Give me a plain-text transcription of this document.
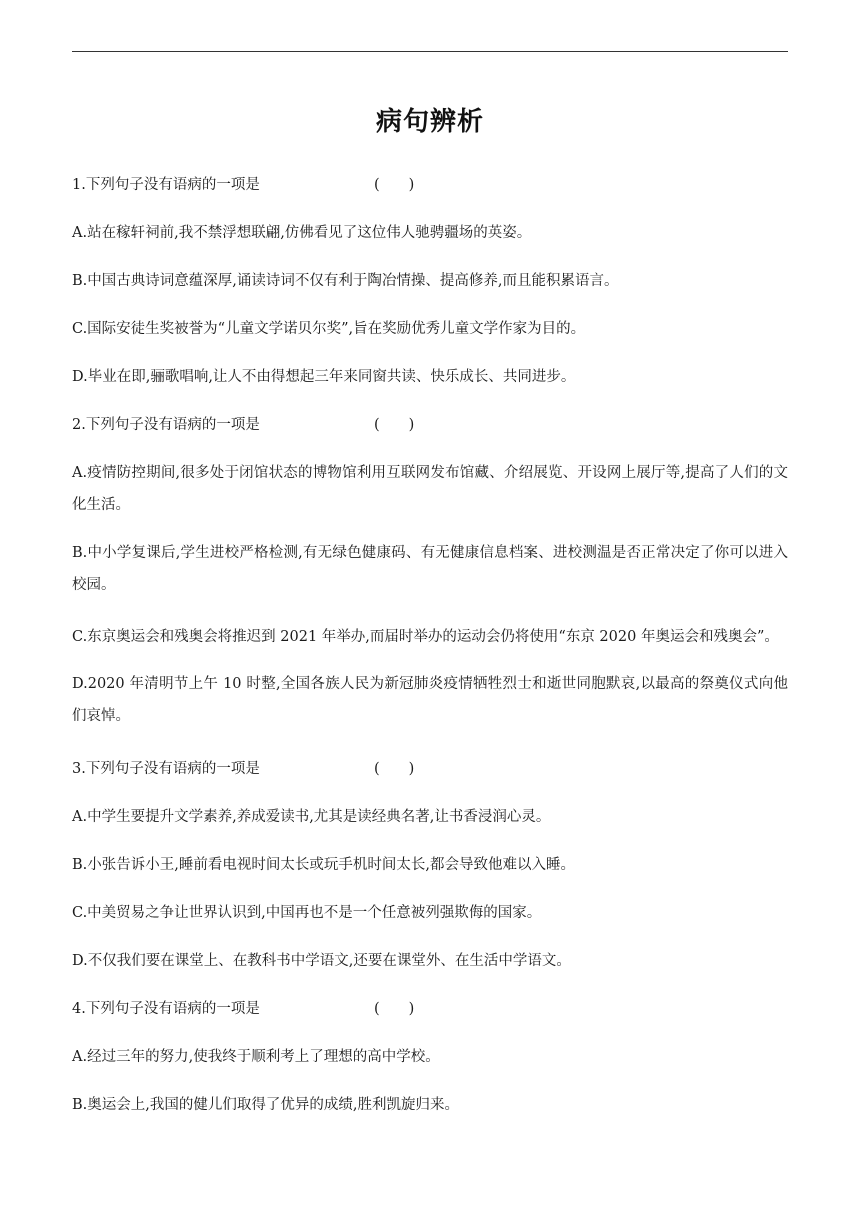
病句辨析
1.下列句子没有语病的一项是	(　　)
A.站在稼轩祠前,我不禁浮想联翩,仿佛看见了这位伟人驰骋疆场的英姿。
B.中国古典诗词意蕴深厚,诵读诗词不仅有利于陶冶情操、提高修养,而且能积累语言。
C.国际安徒生奖被誉为“儿童文学诺贝尔奖”,旨在奖励优秀儿童文学作家为目的。
D.毕业在即,骊歌唱响,让人不由得想起三年来同窗共读、快乐成长、共同进步。
2.下列句子没有语病的一项是	(　　)
A.疫情防控期间,很多处于闭馆状态的博物馆利用互联网发布馆藏、介绍展览、开设网上展厅等,提高了人们的文化生活。
B.中小学复课后,学生进校严格检测,有无绿色健康码、有无健康信息档案、进校测温是否正常决定了你可以进入校园。
C.东京奥运会和残奥会将推迟到 2021 年举办,而届时举办的运动会仍将使用“东京 2020 年奥运会和残奥会”。
D.2020 年清明节上午 10 时整,全国各族人民为新冠肺炎疫情牺牲烈士和逝世同胞默哀,以最高的祭奠仪式向他们哀悼。
3.下列句子没有语病的一项是	(　　)
A.中学生要提升文学素养,养成爱读书,尤其是读经典名著,让书香浸润心灵。
B.小张告诉小王,睡前看电视时间太长或玩手机时间太长,都会导致他难以入睡。
C.中美贸易之争让世界认识到,中国再也不是一个任意被列强欺侮的国家。
D.不仅我们要在课堂上、在教科书中学语文,还要在课堂外、在生活中学语文。
4.下列句子没有语病的一项是	(　　)
A.经过三年的努力,使我终于顺利考上了理想的高中学校。
B.奥运会上,我国的健儿们取得了优异的成绩,胜利凯旋归来。
